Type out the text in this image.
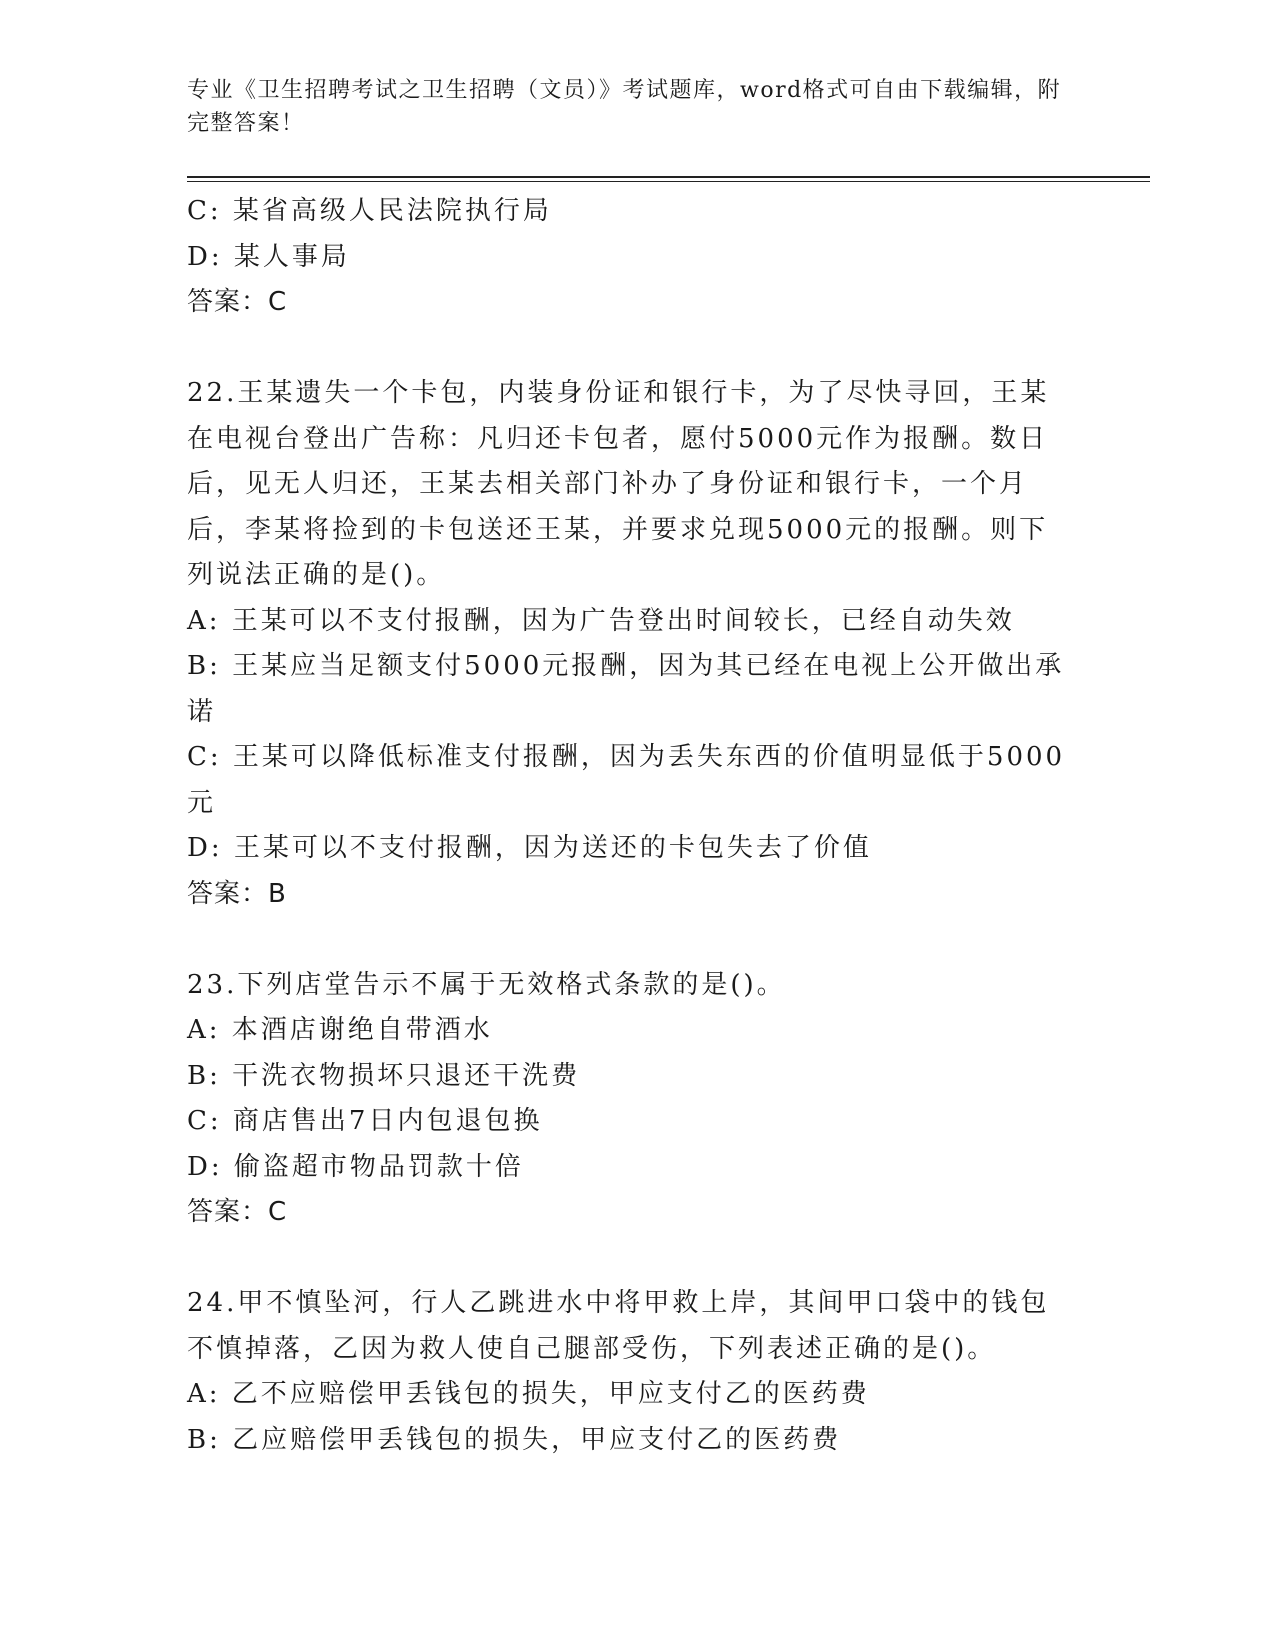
专业《卫生招聘考试之卫生招聘（文员）》考试题库，word格式可自由下载编辑，附完整答案！

C: 某省高级人民法院执行局

D: 某人事局

答案：C

22.王某遗失一个卡包，内装身份证和银行卡，为了尽快寻回，王某在电视台登出广告称：凡归还卡包者，愿付5000元作为报酬。数日后，见无人归还，王某去相关部门补办了身份证和银行卡，一个月后，李某将捡到的卡包送还王某，并要求兑现5000元的报酬。则下列说法正确的是()。

A: 王某可以不支付报酬，因为广告登出时间较长，已经自动失效

B: 王某应当足额支付5000元报酬，因为其已经在电视上公开做出承诺

C: 王某可以降低标准支付报酬，因为丢失东西的价值明显低于5000元

D: 王某可以不支付报酬，因为送还的卡包失去了价值

答案：B

23.下列店堂告示不属于无效格式条款的是()。

A: 本酒店谢绝自带酒水

B: 干洗衣物损坏只退还干洗费

C: 商店售出7日内包退包换

D: 偷盗超市物品罚款十倍

答案：C

24.甲不慎坠河，行人乙跳进水中将甲救上岸，其间甲口袋中的钱包不慎掉落，乙因为救人使自己腿部受伤，下列表述正确的是()。

A: 乙不应赔偿甲丢钱包的损失，甲应支付乙的医药费

B: 乙应赔偿甲丢钱包的损失，甲应支付乙的医药费
